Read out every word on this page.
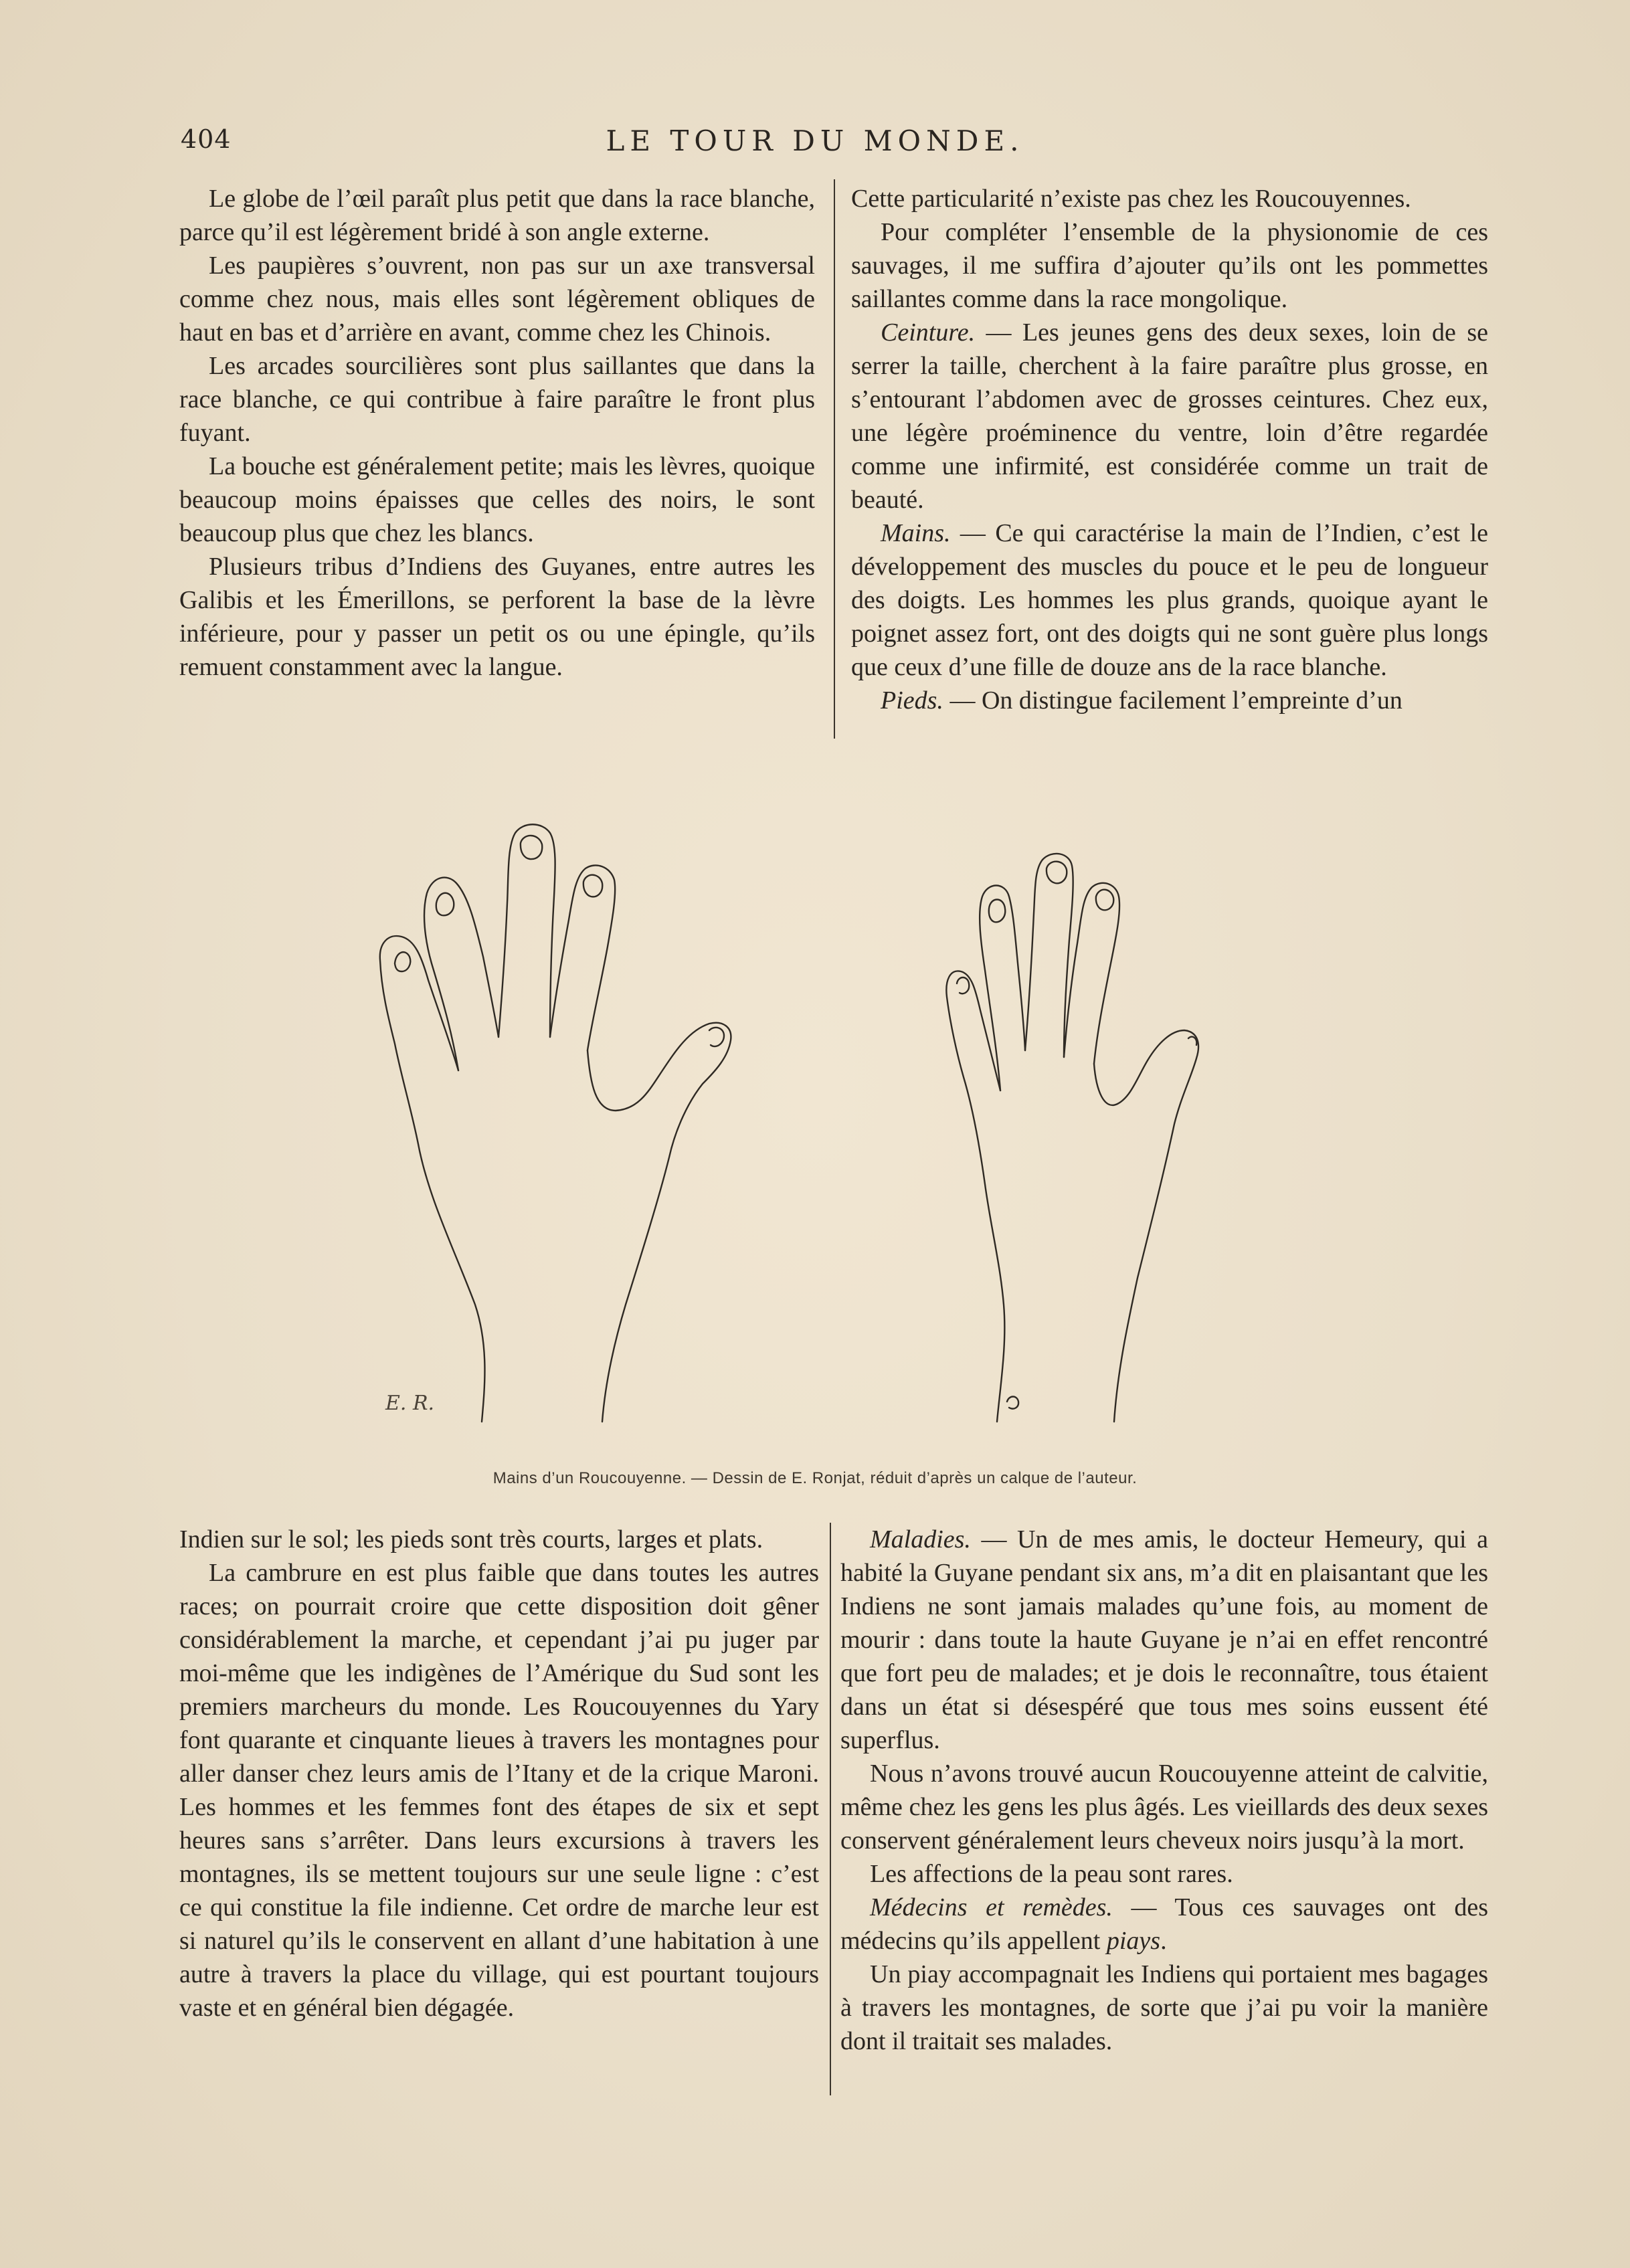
404	LE TOUR DU MONDE.

Le globe de l’œil paraît plus petit que dans la race blanche, parce qu’il est légèrement bridé à son angle externe.

Les paupières s’ouvrent, non pas sur un axe transversal comme chez nous, mais elles sont légèrement obliques de haut en bas et d’arrière en avant, comme chez les Chinois.

Les arcades sourcilières sont plus saillantes que dans la race blanche, ce qui contribue à faire paraître le front plus fuyant.

La bouche est généralement petite; mais les lèvres, quoique beaucoup moins épaisses que celles des noirs, le sont beaucoup plus que chez les blancs.

Plusieurs tribus d’Indiens des Guyanes, entre autres les Galibis et les Émerillons, se perforent la base de la lèvre inférieure, pour y passer un petit os ou une épingle, qu’ils remuent constamment avec la langue.

Cette particularité n’existe pas chez les Roucouyennes.

Pour compléter l’ensemble de la physionomie de ces sauvages, il me suffira d’ajouter qu’ils ont les pommettes saillantes comme dans la race mongolique.

Ceinture. — Les jeunes gens des deux sexes, loin de se serrer la taille, cherchent à la faire paraître plus grosse, en s’entourant l’abdomen avec de grosses ceintures. Chez eux, une légère proéminence du ventre, loin d’être regardée comme une infirmité, est considérée comme un trait de beauté.

Mains. — Ce qui caractérise la main de l’Indien, c’est le développement des muscles du pouce et le peu de longueur des doigts. Les hommes les plus grands, quoique ayant le poignet assez fort, ont des doigts qui ne sont guère plus longs que ceux d’une fille de douze ans de la race blanche.

Pieds. — On distingue facilement l’empreinte d’un

E. R.
Mains d’un Roucouyenne. — Dessin de E. Ronjat, réduit d’après un calque de l’auteur.

Indien sur le sol; les pieds sont très courts, larges et plats.

La cambrure en est plus faible que dans toutes les autres races; on pourrait croire que cette disposition doit gêner considérablement la marche, et cependant j’ai pu juger par moi-même que les indigènes de l’Amérique du Sud sont les premiers marcheurs du monde. Les Roucouyennes du Yary font quarante et cinquante lieues à travers les montagnes pour aller danser chez leurs amis de l’Itany et de la crique Maroni. Les hommes et les femmes font des étapes de six et sept heures sans s’arrêter. Dans leurs excursions à travers les montagnes, ils se mettent toujours sur une seule ligne : c’est ce qui constitue la file indienne. Cet ordre de marche leur est si naturel qu’ils le conservent en allant d’une habitation à une autre à travers la place du village, qui est pourtant toujours vaste et en général bien dégagée.

Maladies. — Un de mes amis, le docteur Hemeury, qui a habité la Guyane pendant six ans, m’a dit en plaisantant que les Indiens ne sont jamais malades qu’une fois, au moment de mourir : dans toute la haute Guyane je n’ai en effet rencontré que fort peu de malades; et je dois le reconnaître, tous étaient dans un état si désespéré que tous mes soins eussent été superflus.

Nous n’avons trouvé aucun Roucouyenne atteint de calvitie, même chez les gens les plus âgés. Les vieillards des deux sexes conservent généralement leurs cheveux noirs jusqu’à la mort.

Les affections de la peau sont rares.

Médecins et remèdes. — Tous ces sauvages ont des médecins qu’ils appellent piays.

Un piay accompagnait les Indiens qui portaient mes bagages à travers les montagnes, de sorte que j’ai pu voir la manière dont il traitait ses malades.
